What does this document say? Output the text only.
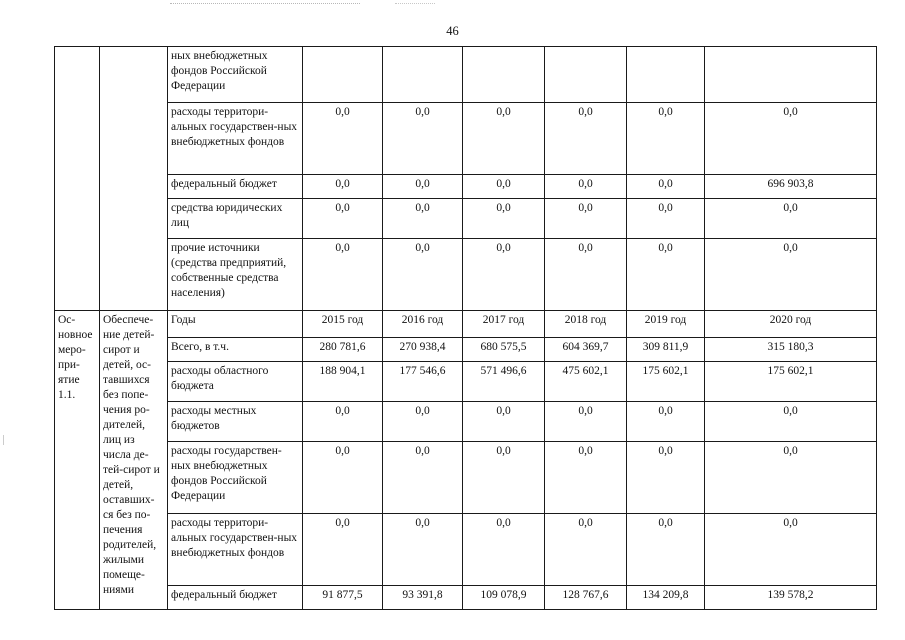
46
		ных внебюджетных фондов Российской Федерации						
		расходы территори-альных государствен-ных внебюджетных фондов	0,0	0,0	0,0	0,0	0,0	0,0
		федеральный бюджет	0,0	0,0	0,0	0,0	0,0	696 903,8
		средства юридических лиц	0,0	0,0	0,0	0,0	0,0	0,0
		прочие источники (средства предприятий, собственные средства населения)	0,0	0,0	0,0	0,0	0,0	0,0
Ос-новное меро-при-ятие 1.1.	Обеспече-ние детей-сирот и детей, ос-тавшихся без попе-чения ро-дителей, лиц из числа де-тей-сирот и детей, оставших-ся без по-печения родителей, жилыми помеще-ниями	Годы	2015 год	2016 год	2017 год	2018 год	2019 год	2020 год
		Всего, в т.ч.	280 781,6	270 938,4	680 575,5	604 369,7	309 811,9	315 180,3
		расходы областного бюджета	188 904,1	177 546,6	571 496,6	475 602,1	175 602,1	175 602,1
		расходы местных бюджетов	0,0	0,0	0,0	0,0	0,0	0,0
		расходы государствен-ных внебюджетных фондов Российской Федерации	0,0	0,0	0,0	0,0	0,0	0,0
		расходы территори-альных государствен-ных внебюджетных фондов	0,0	0,0	0,0	0,0	0,0	0,0
		федеральный бюджет	91 877,5	93 391,8	109 078,9	128 767,6	134 209,8	139 578,2
